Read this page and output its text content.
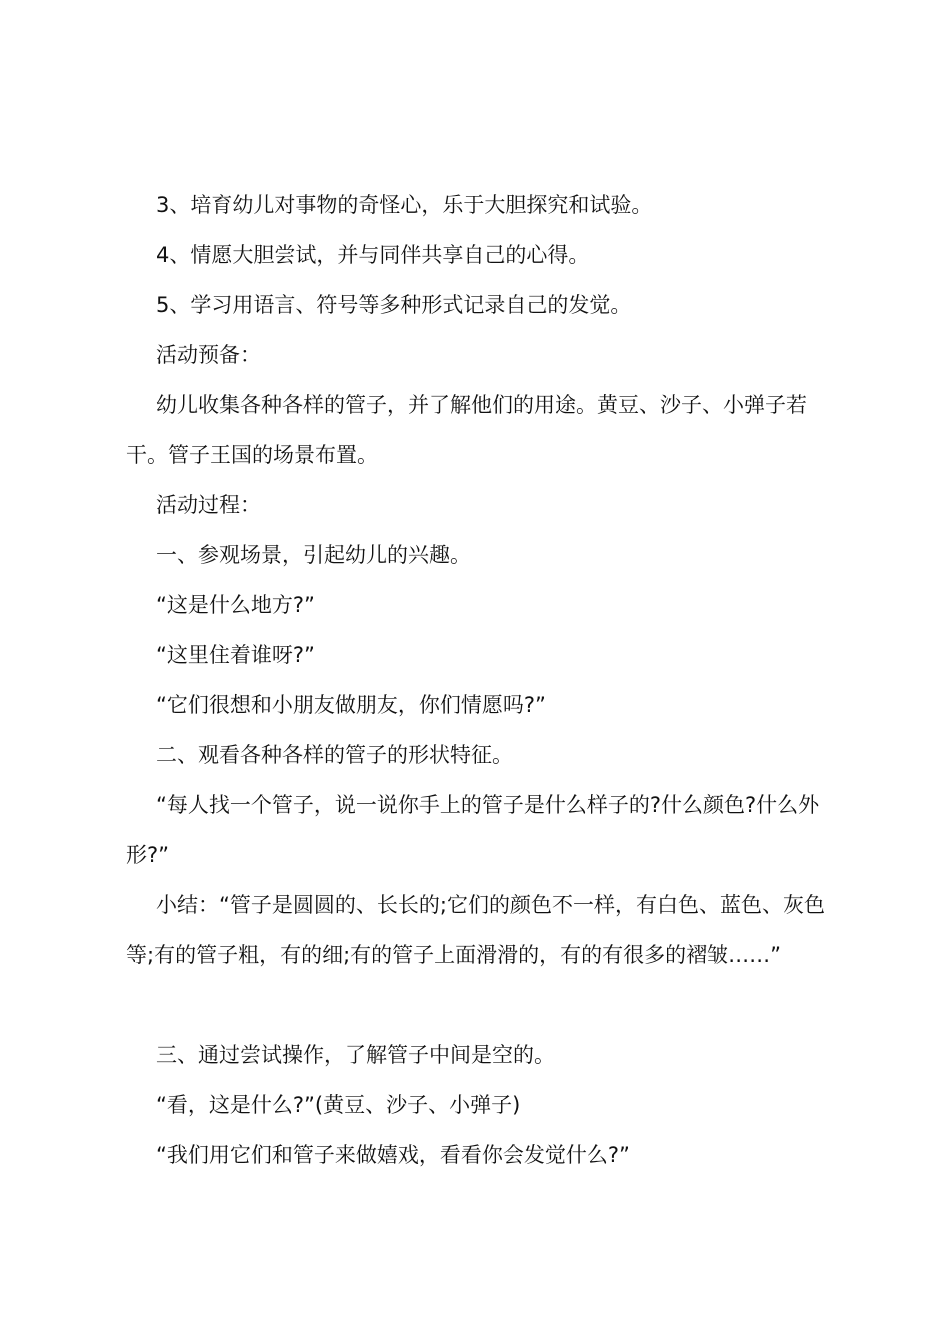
3、培育幼儿对事物的奇怪心，乐于大胆探究和试验。

4、情愿大胆尝试，并与同伴共享自己的心得。

5、学习用语言、符号等多种形式记录自己的发觉。

活动预备：

幼儿收集各种各样的管子，并了解他们的用途。黄豆、沙子、小弹子若干。管子王国的场景布置。

活动过程：

一、参观场景，引起幼儿的兴趣。

“这是什么地方?”

“这里住着谁呀?”

“它们很想和小朋友做朋友，你们情愿吗?”

二、观看各种各样的管子的形状特征。

“每人找一个管子，说一说你手上的管子是什么样子的?什么颜色?什么外形?”

小结：“管子是圆圆的、长长的;它们的颜色不一样，有白色、蓝色、灰色等;有的管子粗，有的细;有的管子上面滑滑的，有的有很多的褶皱……”

三、通过尝试操作，了解管子中间是空的。

“看，这是什么?”(黄豆、沙子、小弹子)

“我们用它们和管子来做嬉戏，看看你会发觉什么?”
